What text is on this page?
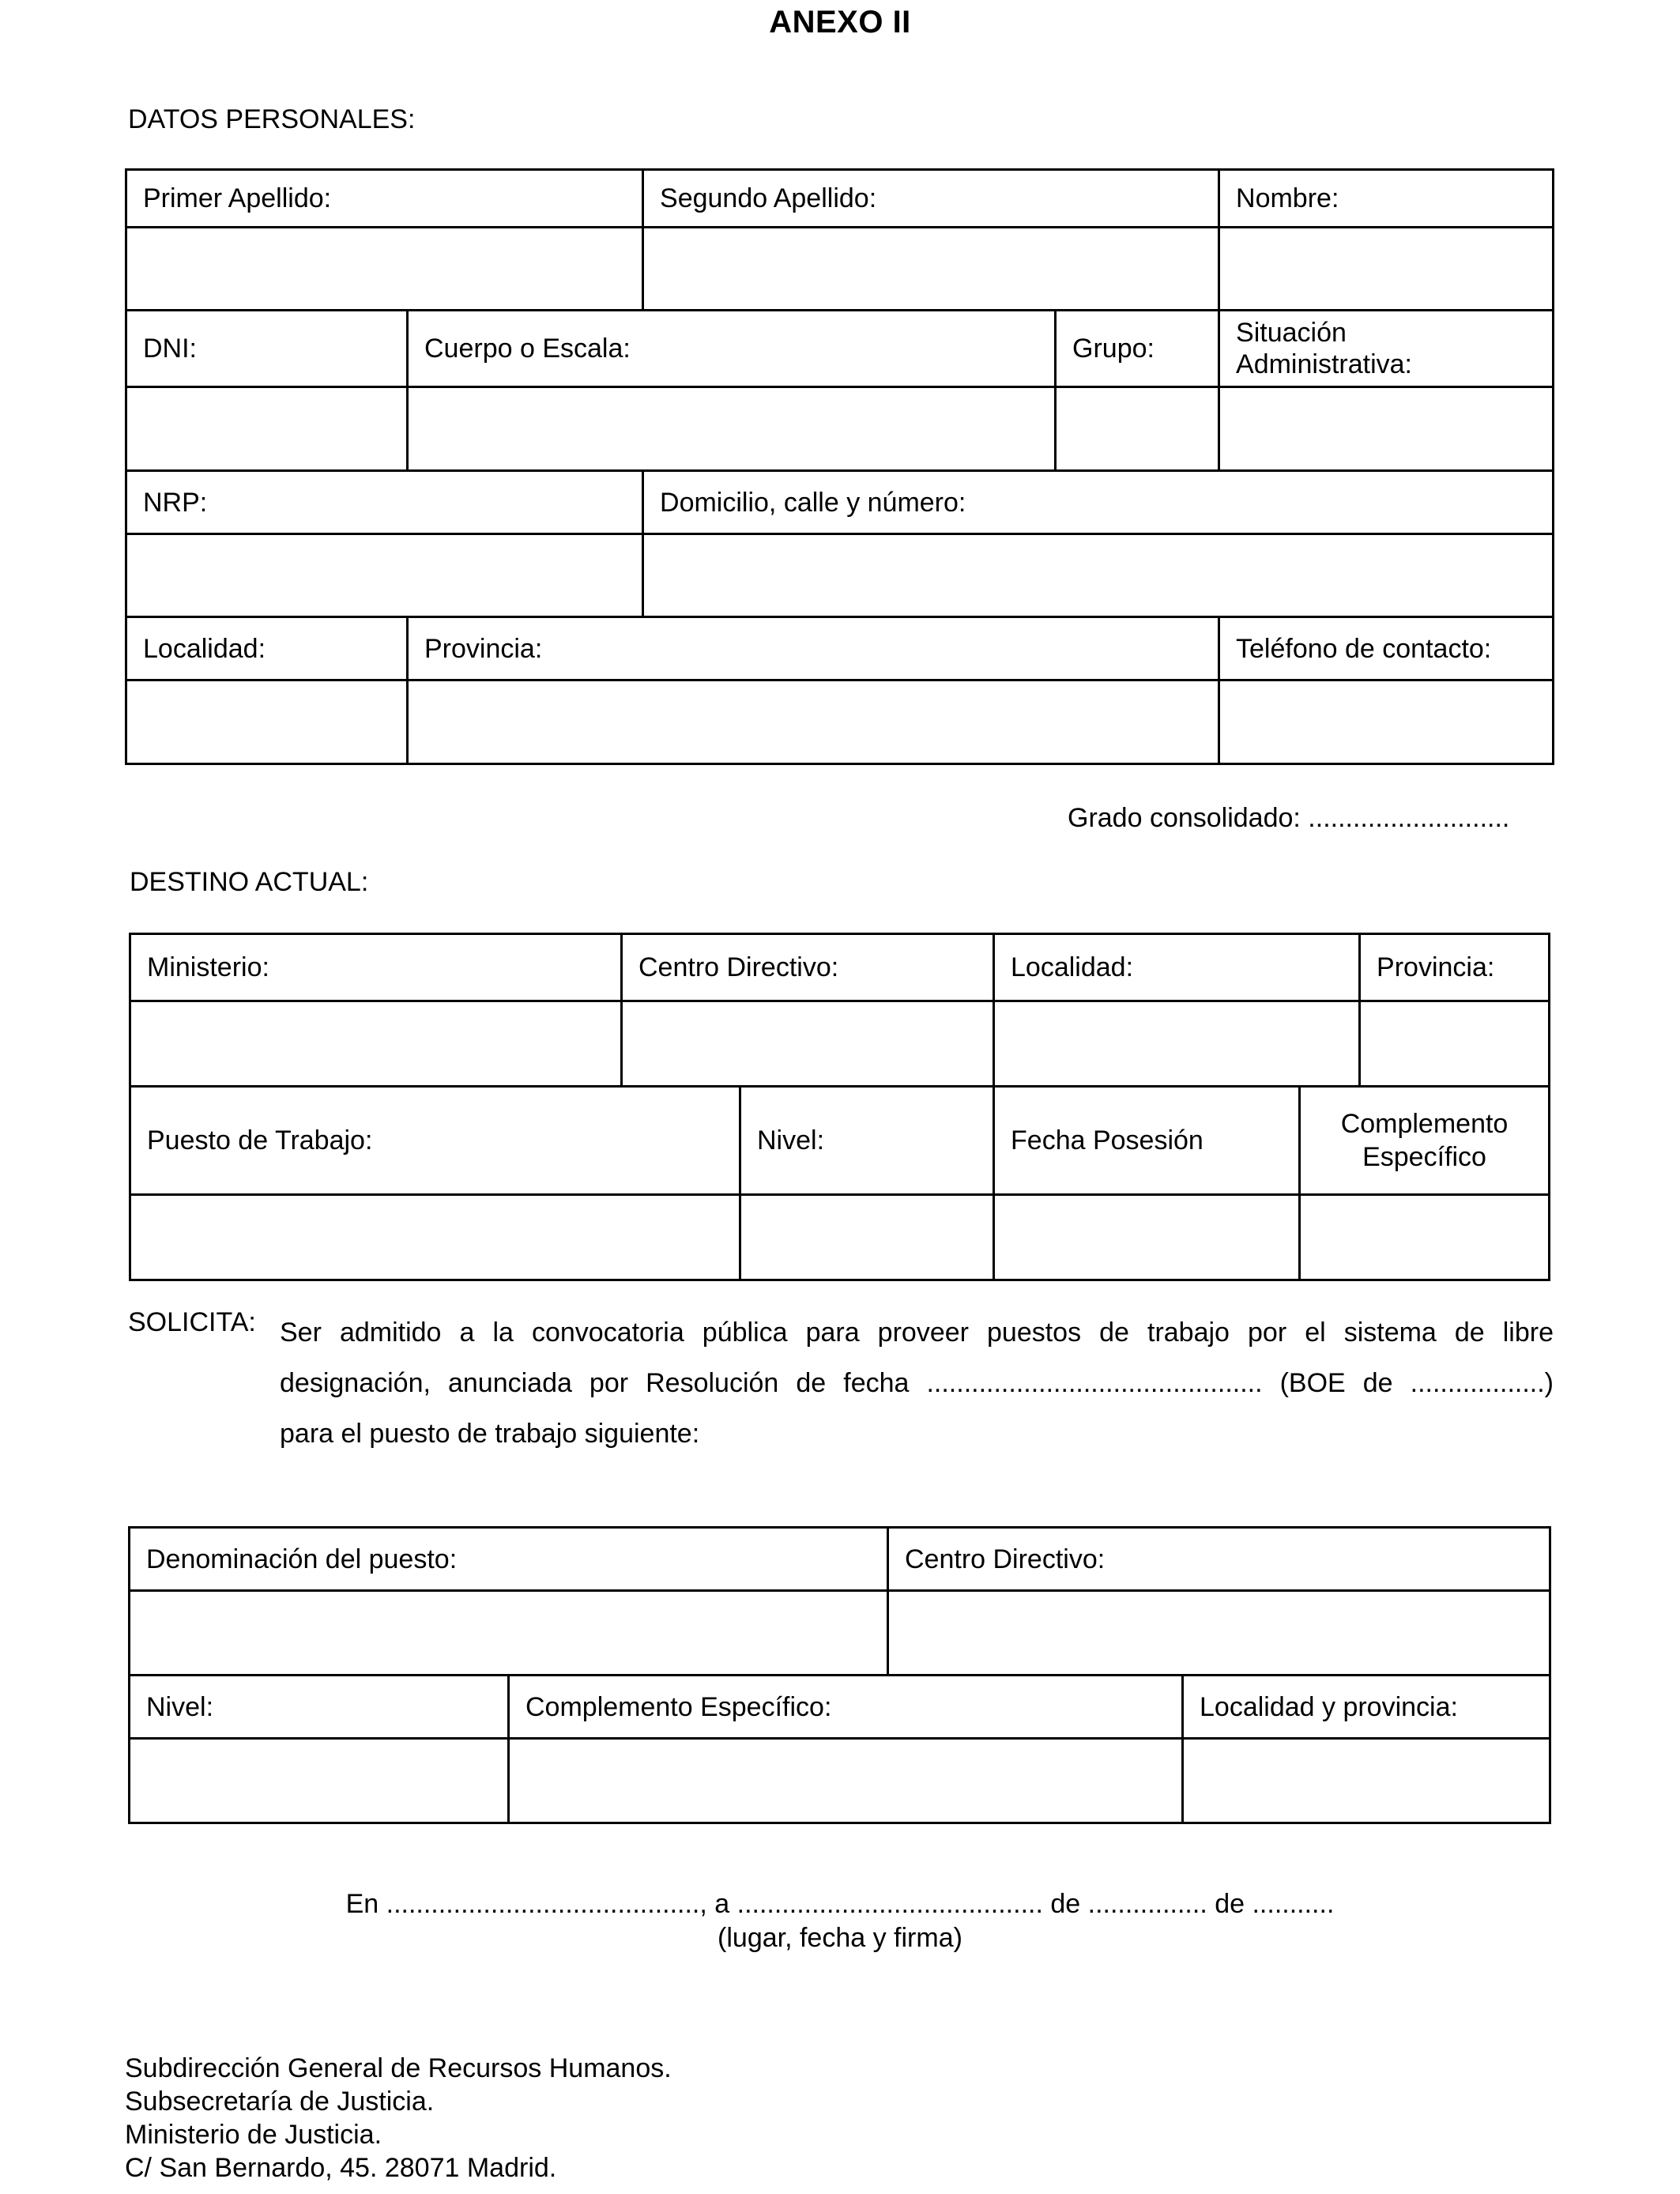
ANEXO II
DATOS PERSONALES:
Primer Apellido:		Segundo Apellido:		Nombre:

DNI:	Cuerpo o Escala:		Grupo:	Situación
Administrativa:

NRP:		Domicilio, calle y número:		

Localidad:	Provincia:			Teléfono de contacto:

Grado consolidado: ...........................
DESTINO ACTUAL:
Ministerio:	Centro Directivo:		Localidad:		Provincia:

Puesto de Trabajo:		Nivel:	Fecha Posesión	Complemento
Específico	

SOLICITA: Ser admitido a la convocatoria pública para proveer puestos de trabajo por el sistema de libre
designación, anunciada por Resolución de fecha ............................................. (BOE de ..................)
para el puesto de trabajo siguiente:
Denominación del puesto:		Centro Directivo:	

Nivel:	Complemento Específico:		Localidad y provincia:

En .........................................., a ......................................... de ................ de ...........
(lugar, fecha y firma)
Subdirección General de Recursos Humanos.
Subsecretaría de Justicia.
Ministerio de Justicia.
C/ San Bernardo, 45. 28071 Madrid.
